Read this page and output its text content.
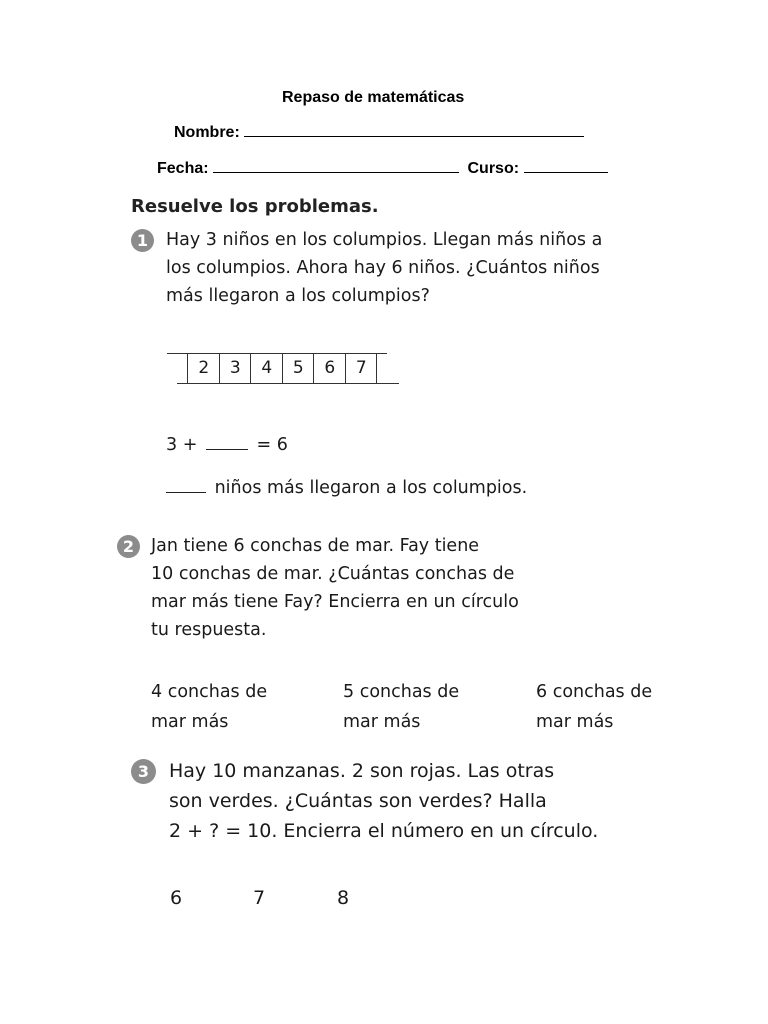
Repaso de matemáticas
Nombre:
Fecha:	Curso:
Resuelve los problemas.
1	Hay 3 niños en los columpios. Llegan más niños a
los columpios. Ahora hay 6 niños. ¿Cuántos niños
más llegaron a los columpios?
2	3	4	5	6	7
3 +	= 6
niños más llegaron a los columpios.
2 Jan tiene 6 conchas de mar. Fay tiene
10 conchas de mar. ¿Cuántas conchas de
mar más tiene Fay? Encierra en un círculo
tu respuesta.
4 conchas de
mar más
5 conchas de
mar más
6 conchas de
mar más
3	Hay 10 manzanas. 2 son rojas. Las otras
son verdes. ¿Cuántas son verdes? Halla
2 + ? = 10. Encierra el número en un círculo.
6	7	8
